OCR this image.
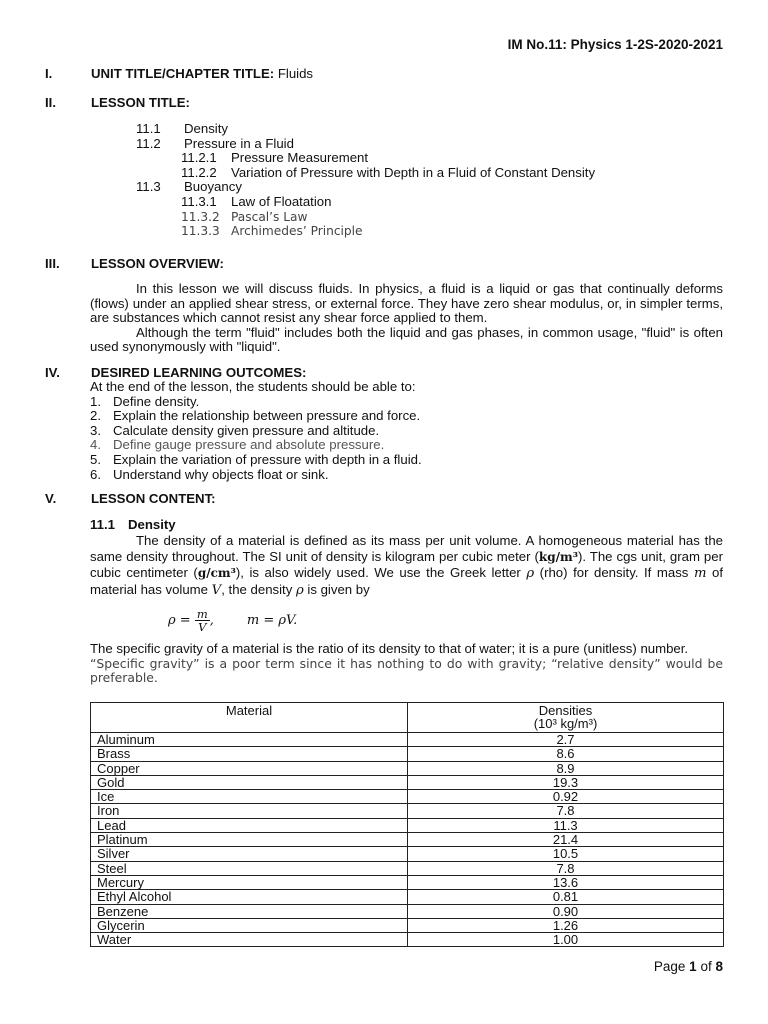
IM No.11: Physics 1-2S-2020-2021
I.	UNIT TITLE/CHAPTER TITLE: Fluids
II.	LESSON TITLE:
11.1 Density
11.2 Pressure in a Fluid
11.2.1 Pressure Measurement
11.2.2 Variation of Pressure with Depth in a Fluid of Constant Density
11.3 Buoyancy
11.3.1 Law of Floatation
11.3.2 Pascal’s Law
11.3.3 Archimedes’ Principle
III. LESSON OVERVIEW:

In this lesson we will discuss fluids. In physics, a fluid is a liquid or gas that continually deforms (flows) under an applied shear stress, or external force. They have zero shear modulus, or, in simpler terms, are substances which cannot resist any shear force applied to them.

Although the term "fluid" includes both the liquid and gas phases, in common usage, "fluid" is often used synonymously with "liquid".

IV. DESIRED LEARNING OUTCOMES:
At the end of the lesson, the students should be able to:
1. Define density.
2. Explain the relationship between pressure and force.
3. Calculate density given pressure and altitude.
4. Define gauge pressure and absolute pressure.
5. Explain the variation of pressure with depth in a fluid.
6. Understand why objects float or sink.
V.	LESSON CONTENT:
11.1 Density

The density of a material is defined as its mass per unit volume. A homogeneous material has the same density throughout. The SI unit of density is kilogram per cubic meter (kg/m³). The cgs unit, gram per cubic centimeter (g/cm³), is also widely used. We use the Greek letter ρ (rho) for density. If mass m of material has volume V, the density ρ is given by

$\rho = \frac{m}{V}$ ,        m = ρV.

The specific gravity of a material is the ratio of its density to that of water; it is a pure (unitless) number.

“Specific gravity” is a poor term since it has nothing to do with gravity; “relative density” would be preferable.

Material	Densities
(10³ kg/m³)

Aluminum	2.7
Brass	8.6
Copper	8.9
Gold	19.3
Ice	0.92
Iron	7.8
Lead	11.3
Platinum	21.4
Silver	10.5
Steel	7.8
Mercury	13.6
Ethyl Alcohol	0.81
Benzene	0.90
Glycerin	1.26
Water	1.00
Page 1 of 8
